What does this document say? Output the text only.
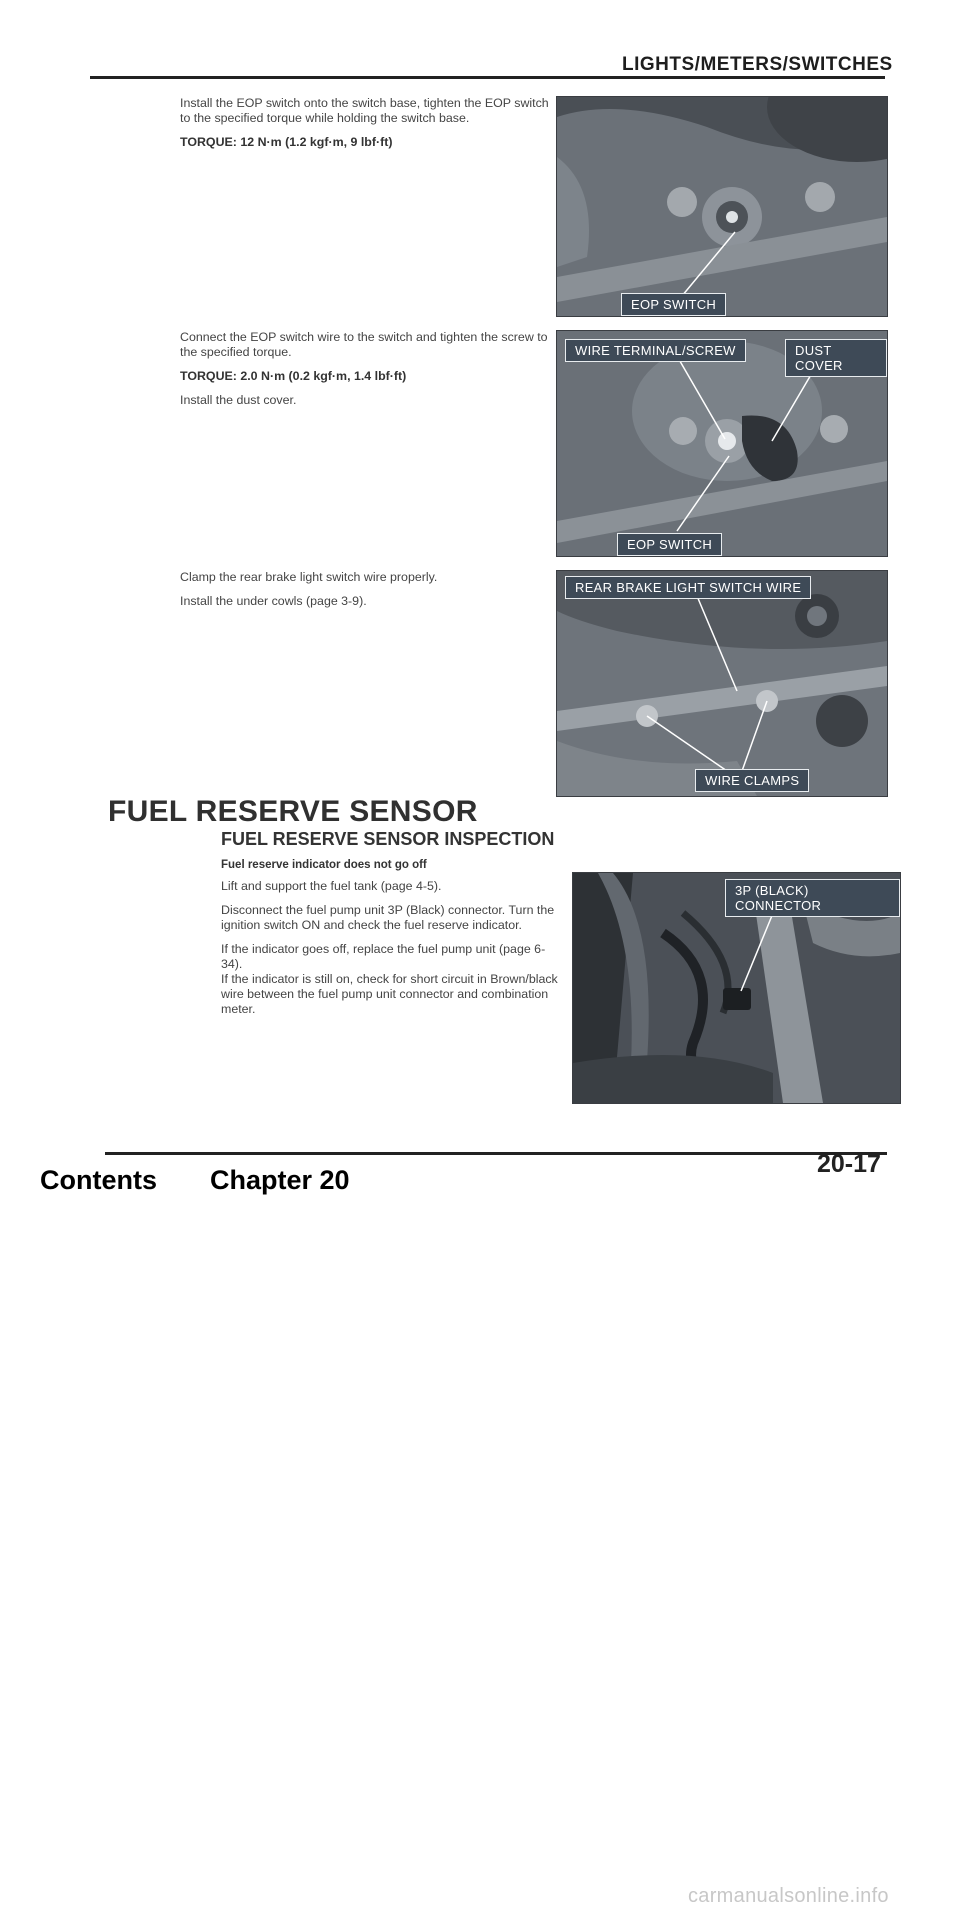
LIGHTS/METERS/SWITCHES

Install the EOP switch onto the switch base, tighten the EOP switch to the specified torque while holding the switch base.

TORQUE: 12 N·m (1.2 kgf·m, 9 lbf·ft)

EOP SWITCH

Connect the EOP switch wire to the switch and tighten the screw to the specified torque.

TORQUE: 2.0 N·m (0.2 kgf·m, 1.4 lbf·ft)

Install the dust cover.

WIRE TERMINAL/SCREW	DUST COVER
EOP SWITCH

Clamp the rear brake light switch wire properly.

Install the under cowls (page 3-9).

REAR BRAKE LIGHT SWITCH WIRE
WIRE CLAMPS
FUEL RESERVE SENSOR
FUEL RESERVE SENSOR INSPECTION
Fuel reserve indicator does not go off

Lift and support the fuel tank (page 4-5).

Disconnect the fuel pump unit 3P (Black) connector. Turn the ignition switch ON and check the fuel reserve indicator.

If the indicator goes off, replace the fuel pump unit (page 6-34).

If the indicator is still on, check for short circuit in Brown/black wire between the fuel pump unit connector and combination meter.

3P (BLACK) CONNECTOR
20-17
Contents Chapter 20
carmanualsonline.info
